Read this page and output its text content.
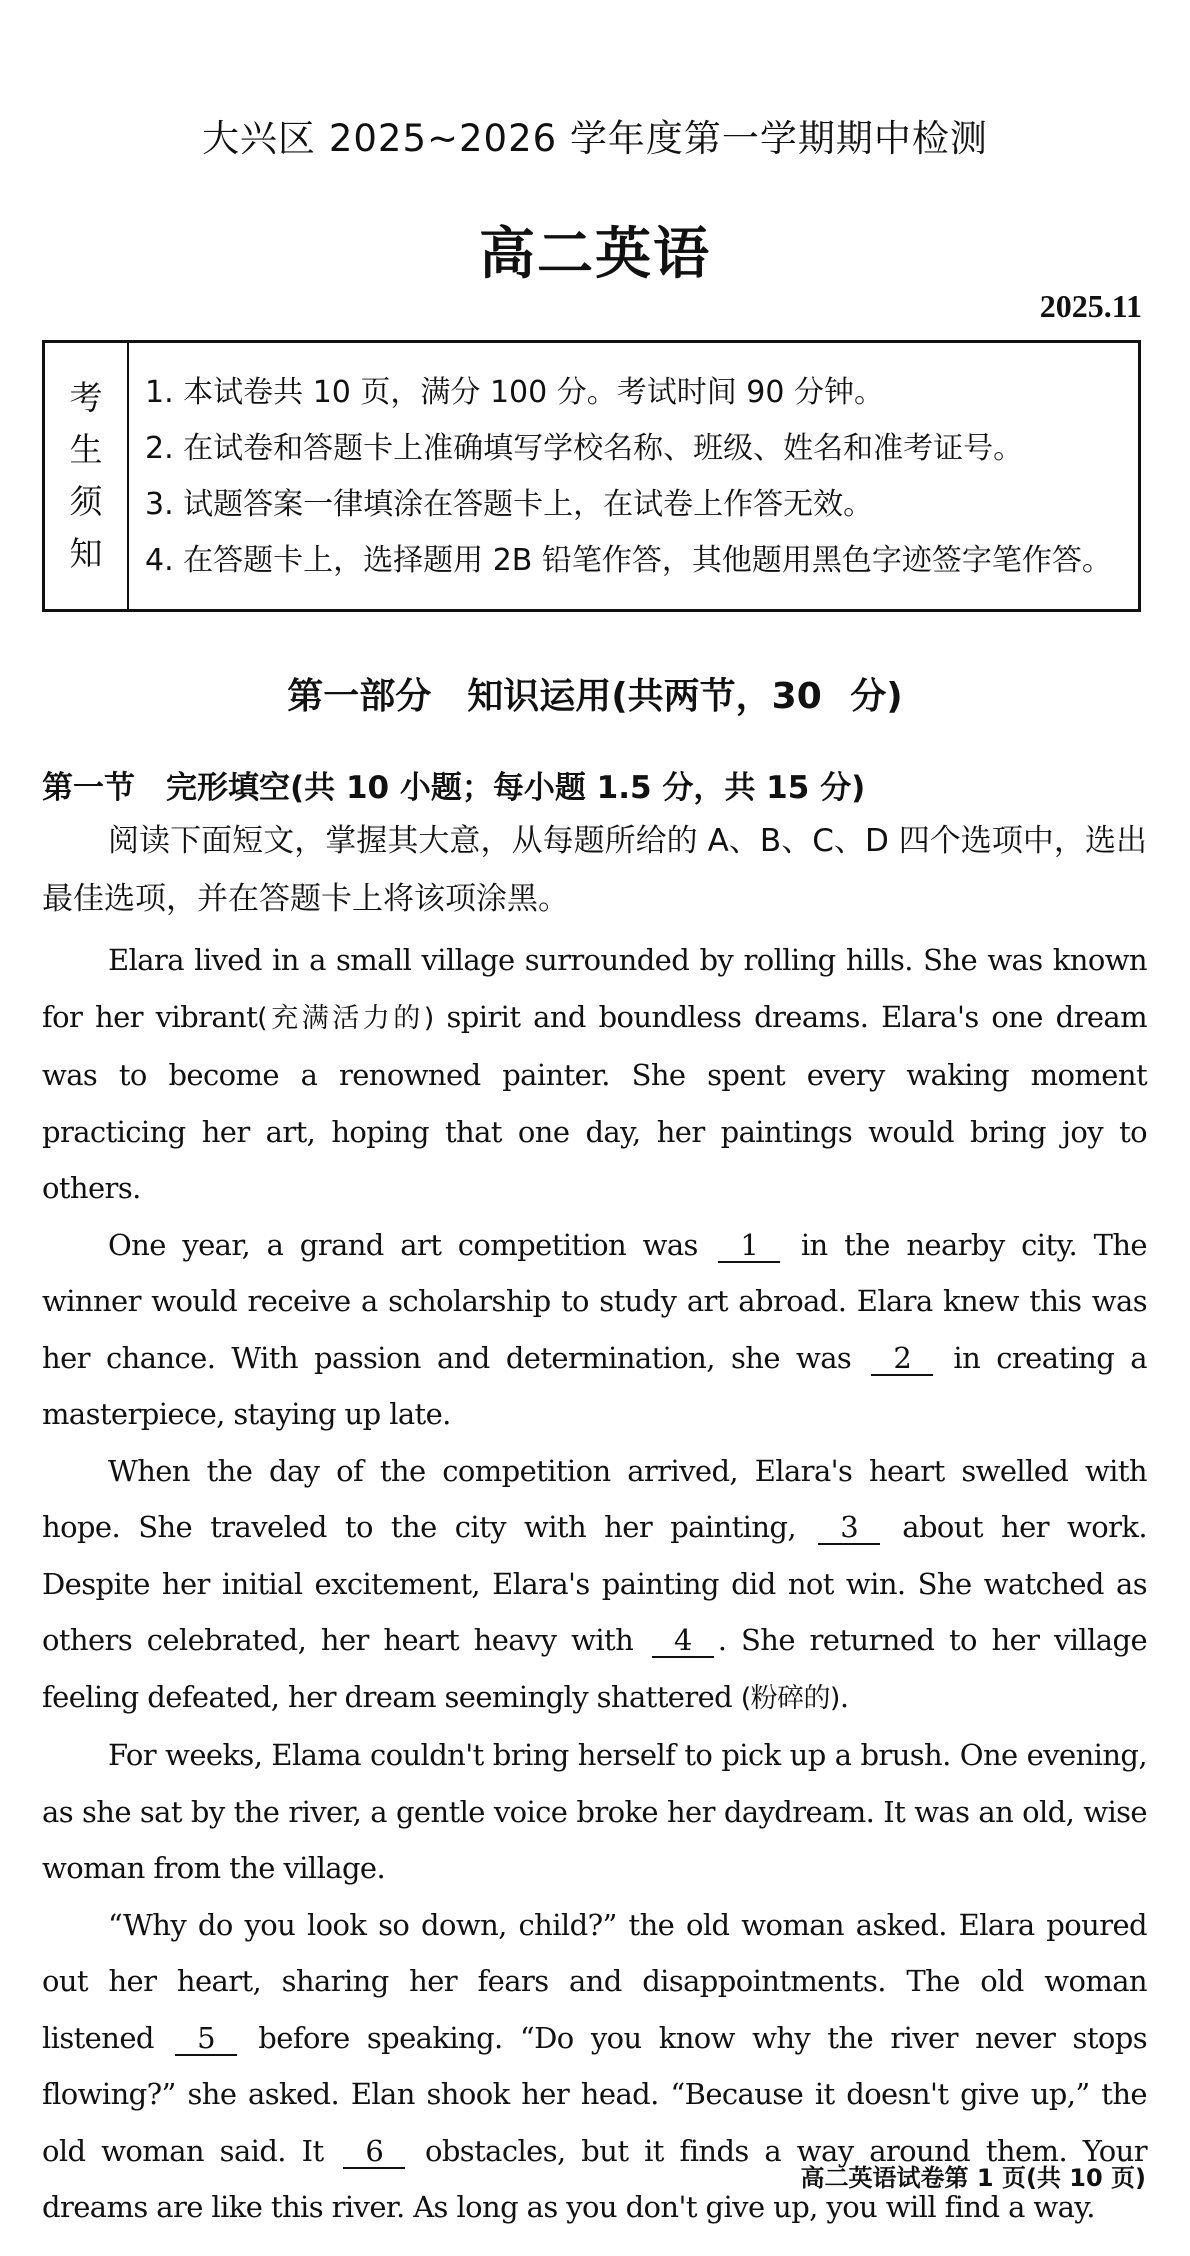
大兴区 2025~2026 学年度第一学期期中检测
高二英语
2025.11
考
生
须
知
1. 本试卷共 10 页，满分 100 分。考试时间 90 分钟。
2. 在试卷和答题卡上准确填写学校名称、班级、姓名和准考证号。
3. 试题答案一律填涂在答题卡上，在试卷上作答无效。
4. 在答题卡上，选择题用 2B 铅笔作答，其他题用黑色字迹签字笔作答。
第一部分　知识运用(共两节，30 分)
第一节　完形填空(共 10 小题；每小题 1.5 分，共 15 分)
阅读下面短文，掌握其大意，从每题所给的 A、B、C、D 四个选项中，选出最佳选项，并在答题卡上将该项涂黑。

Elara lived in a small village surrounded by rolling hills. She was known for her vibrant(充满活力的) spirit and boundless dreams. Elara's one dream was to become a renowned painter. She spent every waking moment practicing her art, hoping that one day, her paintings would bring joy to others.

One year, a grand art competition was 1 in the nearby city. The winner would receive a scholarship to study art abroad. Elara knew this was her chance. With passion and determination, she was 2 in creating a masterpiece, staying up late.

When the day of the competition arrived, Elara's heart swelled with hope. She traveled to the city with her painting, 3 about her work. Despite her initial excitement, Elara's painting did not win. She watched as others celebrated, her heart heavy with 4 . She returned to her village feeling defeated, her dream seemingly shattered (粉碎的).

For weeks, Elama couldn't bring herself to pick up a brush. One evening, as she sat by the river, a gentle voice broke her daydream. It was an old, wise woman from the village.

“Why do you look so down, child?” the old woman asked. Elara poured out her heart, sharing her fears and disappointments. The old woman listened 5 before speaking. “Do you know why the river never stops flowing?” she asked. Elan shook her head. “Because it doesn't give up,” the old woman said. It 6 obstacles, but it finds a way around them. Your dreams are like this river. As long as you don't give up, you will find a way.

高二英语试卷第 1 页(共 10 页)
